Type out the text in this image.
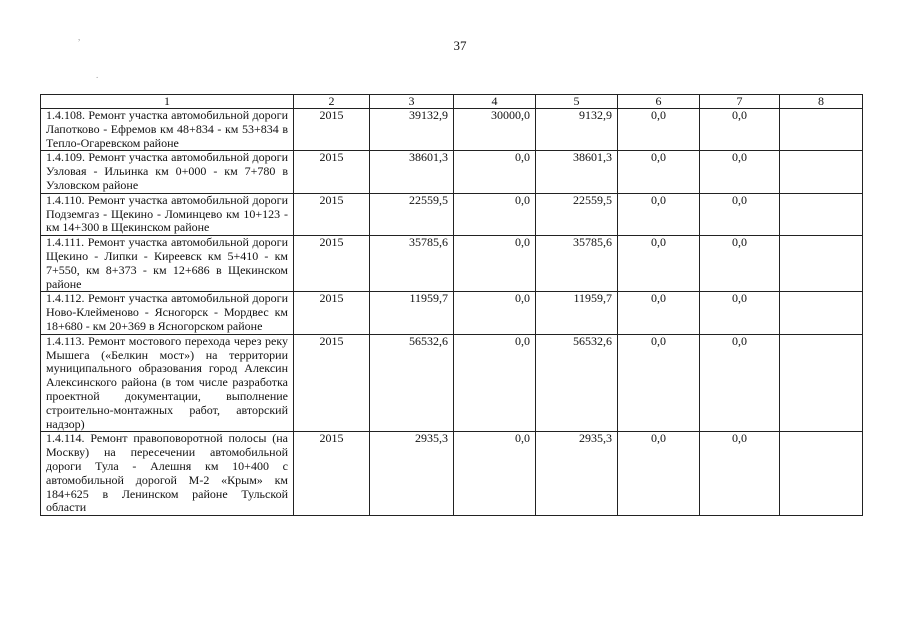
37
,
.
1	2	3	4	5	6	7	8
1.4.108. Ремонт участка автомобильной дороги Лапотково - Ефремов км 48+834 - км 53+834 в Тепло-Огаревском районе	2015	39132,9	30000,0	9132,9	0,0	0,0	
1.4.109. Ремонт участка автомобильной дороги Узловая - Ильинка км 0+000 - км 7+780 в Узловском районе	2015	38601,3	0,0	38601,3	0,0	0,0	
1.4.110. Ремонт участка автомобильной дороги Подземгаз - Щекино - Ломинцево км 10+123 - км 14+300 в Щекинском районе	2015	22559,5	0,0	22559,5	0,0	0,0	
1.4.111. Ремонт участка автомобильной дороги Щекино - Липки - Киреевск км 5+410 - км 7+550, км 8+373 - км 12+686 в Щекинском районе	2015	35785,6	0,0	35785,6	0,0	0,0	
1.4.112. Ремонт участка автомобильной дороги Ново-Клейменово - Ясногорск - Мордвес км 18+680 - км 20+369 в Ясногорском районе	2015	11959,7	0,0	11959,7	0,0	0,0	
1.4.113. Ремонт мостового перехода через реку Мышега («Белкин мост») на территории муниципального образования город Алексин Алексинского района (в том числе разработка проектной документации, выполнение строительно-монтажных работ, авторский надзор)	2015	56532,6	0,0	56532,6	0,0	0,0	
1.4.114. Ремонт правоповоротной полосы (на Москву) на пересечении автомобильной дороги Тула - Алешня км 10+400 с автомобильной дорогой М-2 «Крым» км 184+625 в Ленинском районе Тульской области	2015	2935,3	0,0	2935,3	0,0	0,0	
